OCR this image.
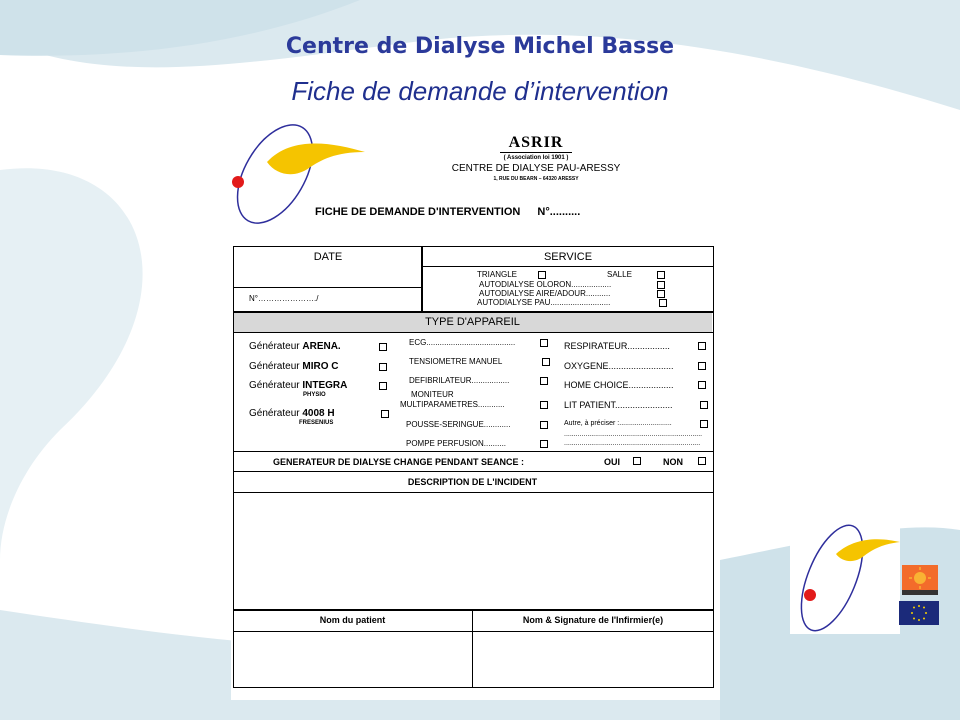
Centre de Dialyse Michel Basse
Fiche de demande d’intervention
ASRIR
( Association loi 1901 )
CENTRE DE DIALYSE PAU-ARESSY
1, RUE DU BEARN – 64320 ARESSY
FICHE DE DEMANDE D'INTERVENTION N°..........
DATE	SERVICE
N°…………………./
TRIANGLE	SALLE
AUTODIALYSE OLORON..................
AUTODIALYSE AIRE/ADOUR...........
AUTODIALYSE PAU...........................
TYPE D'APPAREIL
Générateur ARENA.
Générateur MIRO C
Générateur INTEGRA
PHYSIO
Générateur 4008 H
FRESENIUS
ECG........................................
TENSIOMETRE MANUEL
DEFIBRILATEUR.................
MONITEUR
MULTIPARAMETRES............
POUSSE-SERINGUE............
POMPE PERFUSION..........
RESPIRATEUR.................
OXYGENE..........................
HOME CHOICE..................
LIT PATIENT.......................
Autre, à préciser :...........................
.......................................................................
......................................................................
GENERATEUR DE DIALYSE CHANGE PENDANT SEANCE :	OUI	NON
DESCRIPTION DE L'INCIDENT
Nom du patient	Nom & Signature de l'Infirmier(e)
